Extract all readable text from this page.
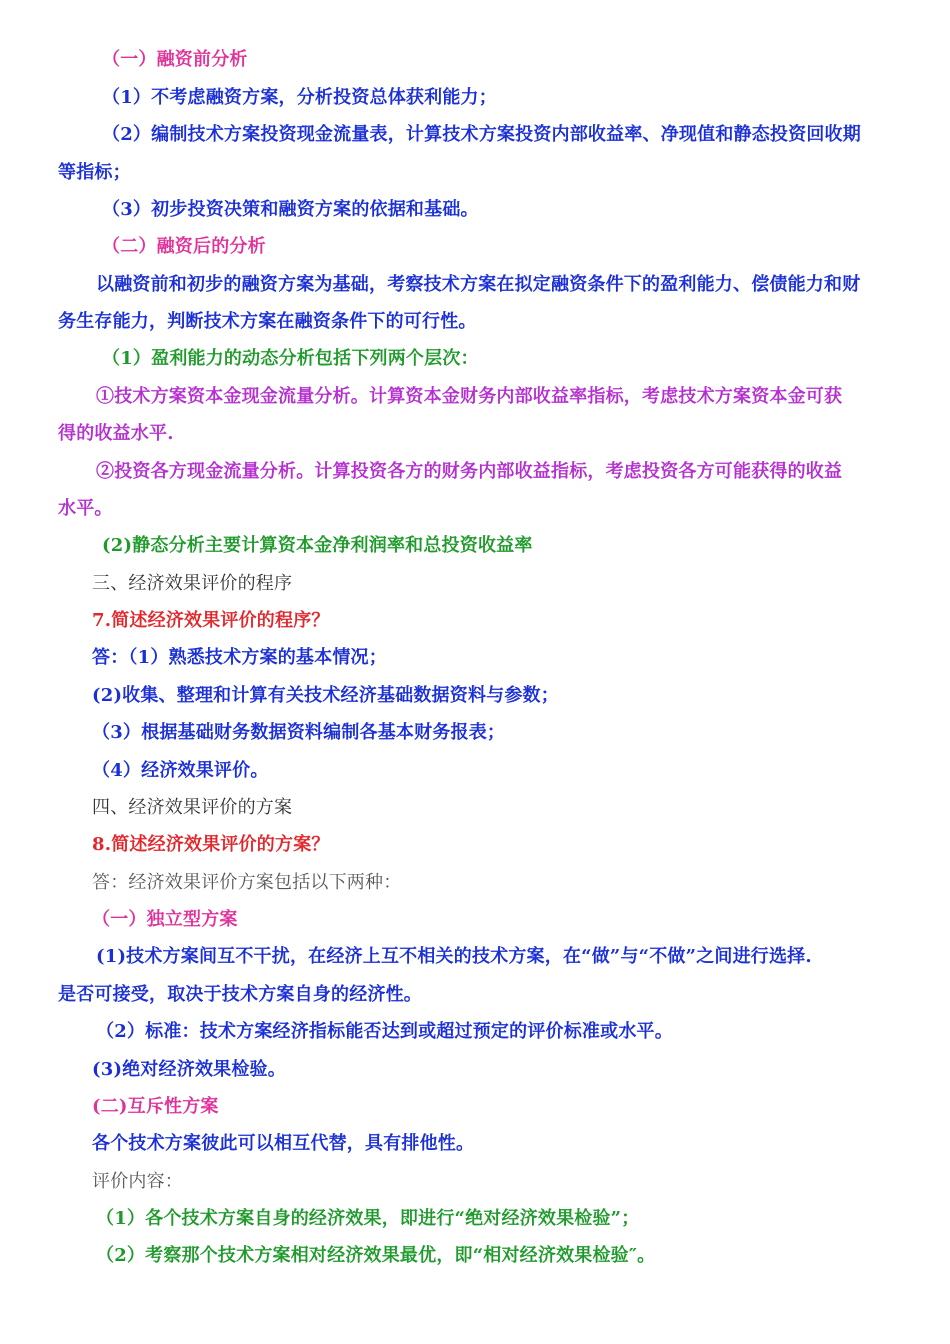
（一）融资前分析
（1）不考虑融资方案，分析投资总体获利能力；
（2）编制技术方案投资现金流量表，计算技术方案投资内部收益率、净现值和静态投资回收期
等指标；
（3）初步投资决策和融资方案的依据和基础。
（二）融资后的分析
以融资前和初步的融资方案为基础，考察技术方案在拟定融资条件下的盈利能力、偿债能力和财
务生存能力，判断技术方案在融资条件下的可行性。
（1）盈利能力的动态分析包括下列两个层次：
①技术方案资本金现金流量分析。计算资本金财务内部收益率指标，考虑技术方案资本金可获
得的收益水平.
②投资各方现金流量分析。计算投资各方的财务内部收益指标，考虑投资各方可能获得的收益
水平。
(2)静态分析主要计算资本金净利润率和总投资收益率
三、经济效果评价的程序
7.简述经济效果评价的程序？
答：（1）熟悉技术方案的基本情况；
(2)收集、整理和计算有关技术经济基础数据资料与参数；
（3）根据基础财务数据资料编制各基本财务报表；
（4）经济效果评价。
四、经济效果评价的方案
8.简述经济效果评价的方案？
答：经济效果评价方案包括以下两种：
（一）独立型方案
(1)技术方案间互不干扰，在经济上互不相关的技术方案，在“做”与“不做”之间进行选择.
是否可接受，取决于技术方案自身的经济性。
（2）标准：技术方案经济指标能否达到或超过预定的评价标准或水平。
(3)绝对经济效果检验。
(二)互斥性方案
各个技术方案彼此可以相互代替，具有排他性。
评价内容：
（1）各个技术方案自身的经济效果，即进行“绝对经济效果检验”；
（2）考察那个技术方案相对经济效果最优，即“相对经济效果检验″。
